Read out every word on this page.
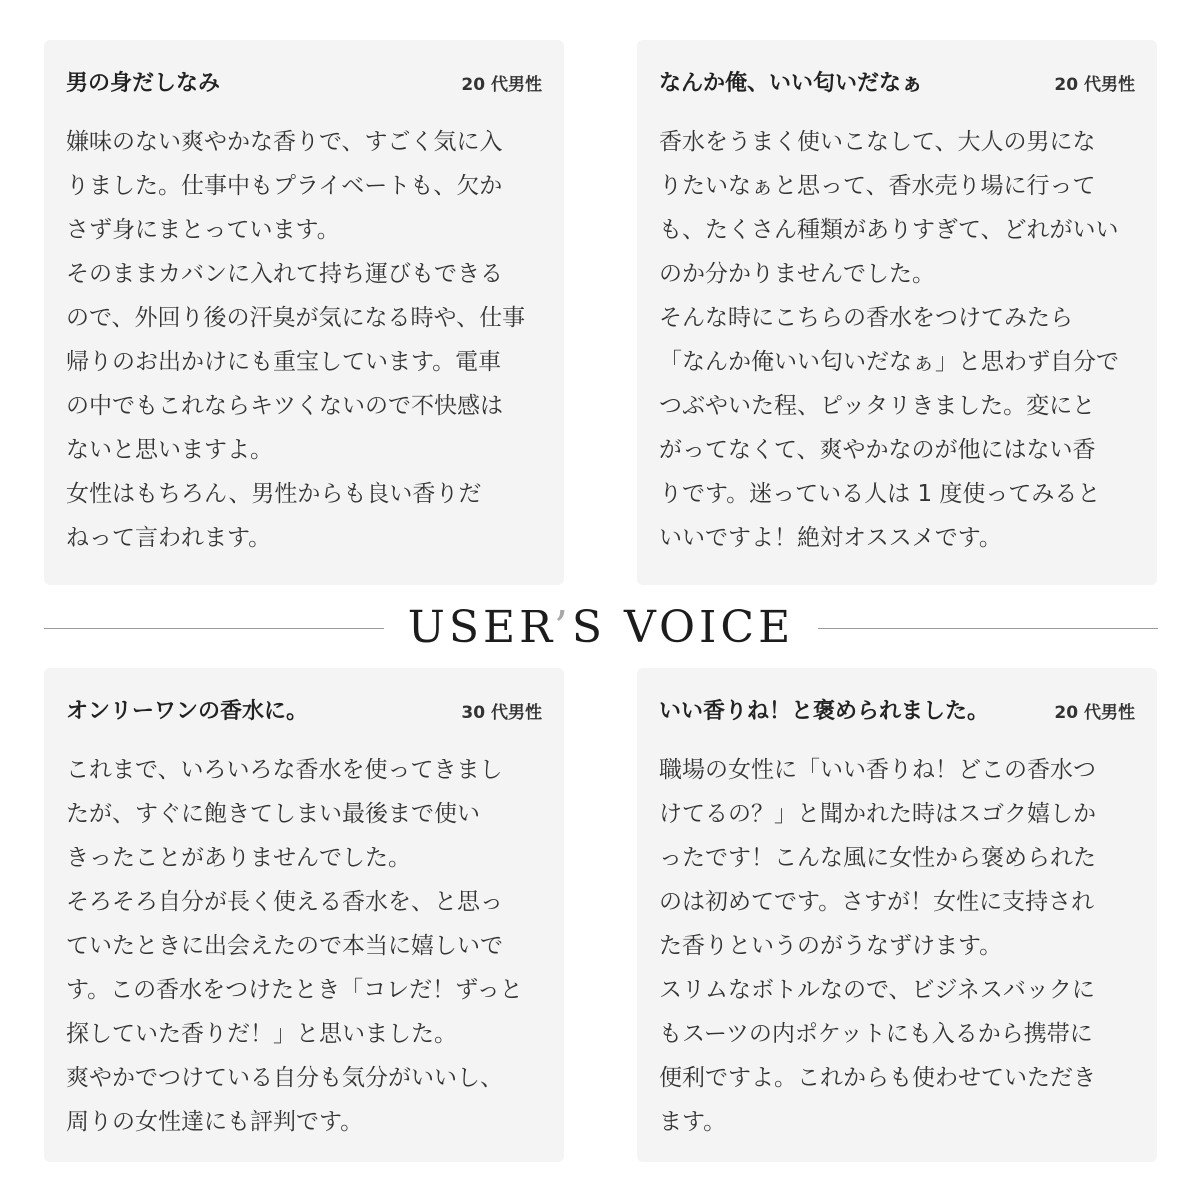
男の身だしなみ	20 代男性
嫌味のない爽やかな香りで、すごく気に入
りました。仕事中もプライベートも、欠か
さず身にまとっています。
そのままカバンに入れて持ち運びもできる
ので、外回り後の汗臭が気になる時や、仕事
帰りのお出かけにも重宝しています。電車
の中でもこれならキツくないので不快感は
ないと思いますよ。
女性はもちろん、男性からも良い香りだ
ねって言われます。
なんか俺、いい匂いだなぁ	20 代男性
香水をうまく使いこなして、大人の男にな
りたいなぁと思って、香水売り場に行って
も、たくさん種類がありすぎて、どれがいい
のか分かりませんでした。
そんな時にこちらの香水をつけてみたら
「なんか俺いい匂いだなぁ」と思わず自分で
つぶやいた程、ピッタリきました。変にと
がってなくて、爽やかなのが他にはない香
りです。迷っている人は 1 度使ってみると
いいですよ！絶対オススメです。
USER’S VOICE
オンリーワンの香水に。	30 代男性
これまで、いろいろな香水を使ってきまし
たが、すぐに飽きてしまい最後まで使い
きったことがありませんでした。
そろそろ自分が長く使える香水を、と思っ
ていたときに出会えたので本当に嬉しいで
す。この香水をつけたとき「コレだ！ずっと
探していた香りだ！」と思いました。
爽やかでつけている自分も気分がいいし、
周りの女性達にも評判です。
いい香りね！と褒められました。	20 代男性
職場の女性に「いい香りね！どこの香水つ
けてるの？」と聞かれた時はスゴク嬉しか
ったです！こんな風に女性から褒められた
のは初めてです。さすが！女性に支持され
た香りというのがうなずけます。
スリムなボトルなので、ビジネスバックに
もスーツの内ポケットにも入るから携帯に
便利ですよ。これからも使わせていただき
ます。
